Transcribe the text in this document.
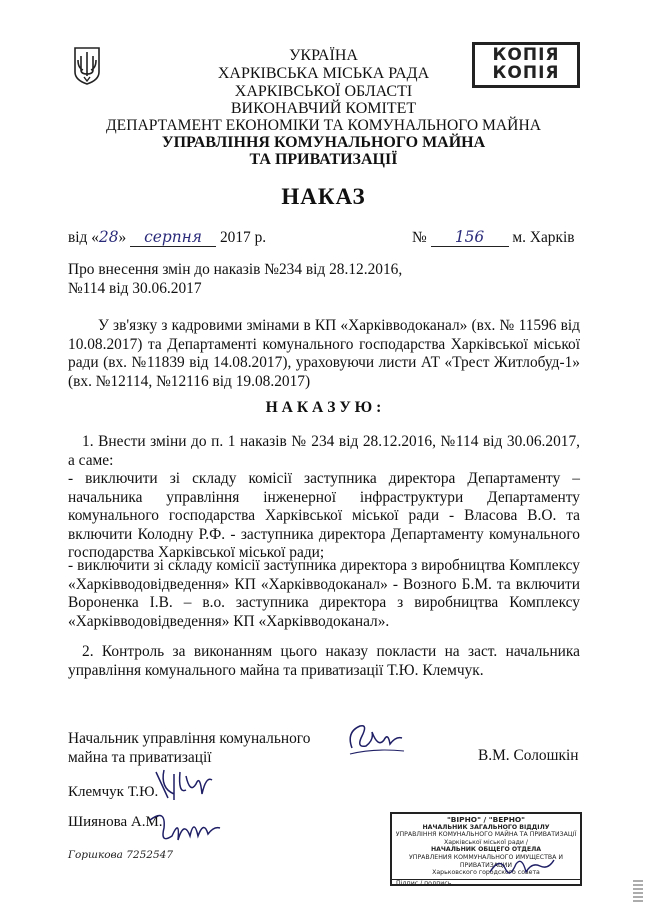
УКРАЇНА
ХАРКІВСЬКА МІСЬКА РАДА
ХАРКІВСЬКОЇ ОБЛАСТІ
ВИКОНАВЧИЙ КОМІТЕТ
ДЕПАРТАМЕНТ ЕКОНОМІКИ ТА КОМУНАЛЬНОГО МАЙНА
УПРАВЛІННЯ КОМУНАЛЬНОГО МАЙНА
ТА ПРИВАТИЗАЦІЇ
КОПІЯ
КОПІЯ
НАКАЗ
від «28» серпня 2017 р.	№ 156 м. Харків
Про внесення змін до наказів №234 від 28.12.2016,
№114 від 30.06.2017
У зв'язку з кадровими змінами в КП «Харківводоканал» (вх. № 11596 від 10.08.2017) та Департаменті комунального господарства Харківської міської ради (вх. №11839 від 14.08.2017), ураховуючи листи АТ «Трест Житлобуд-1» (вх. №12114, №12116 від 19.08.2017)
Н А К А З У Ю :
1. Внести зміни до п. 1 наказів № 234 від 28.12.2016, №114 від 30.06.2017, а саме:
- виключити зі складу комісії заступника директора Департаменту – начальника управління інженерної інфраструктури Департаменту комунального господарства Харківської міської ради - Власова В.О. та включити Колодну Р.Ф. - заступника директора Департаменту комунального господарства Харківської міської ради;
- виключити зі складу комісії заступника директора з виробництва Комплексу «Харківводовідведення» КП «Харківводоканал» - Возного Б.М. та включити Вороненка І.В. – в.о. заступника директора з виробництва Комплексу «Харківводовідведення» КП «Харківводоканал».
2. Контроль за виконанням цього наказу покласти на заст. начальника управління комунального майна та приватизації Т.Ю. Клемчук.
Начальник управління комунального
майна та приватизації	В.М. Солошкін
Клемчук Т.Ю.
Шиянова А.М.
Горшкова 7252547
"ВІРНО" / "ВЕРНО"
НАЧАЛЬНИК ЗАГАЛЬНОГО ВІДДІЛУ
УПРАВЛІННЯ КОМУНАЛЬНОГО МАЙНА ТА ПРИВАТИЗАЦІЇ
Харківської міської ради /
НАЧАЛЬНИК ОБЩЕГО ОТДЕЛА
УПРАВЛЕНИЯ КОММУНАЛЬНОГО ИМУЩЕСТВА И ПРИВАТИЗАЦИИ
Харьковского городского совета
Підпис / подпись
